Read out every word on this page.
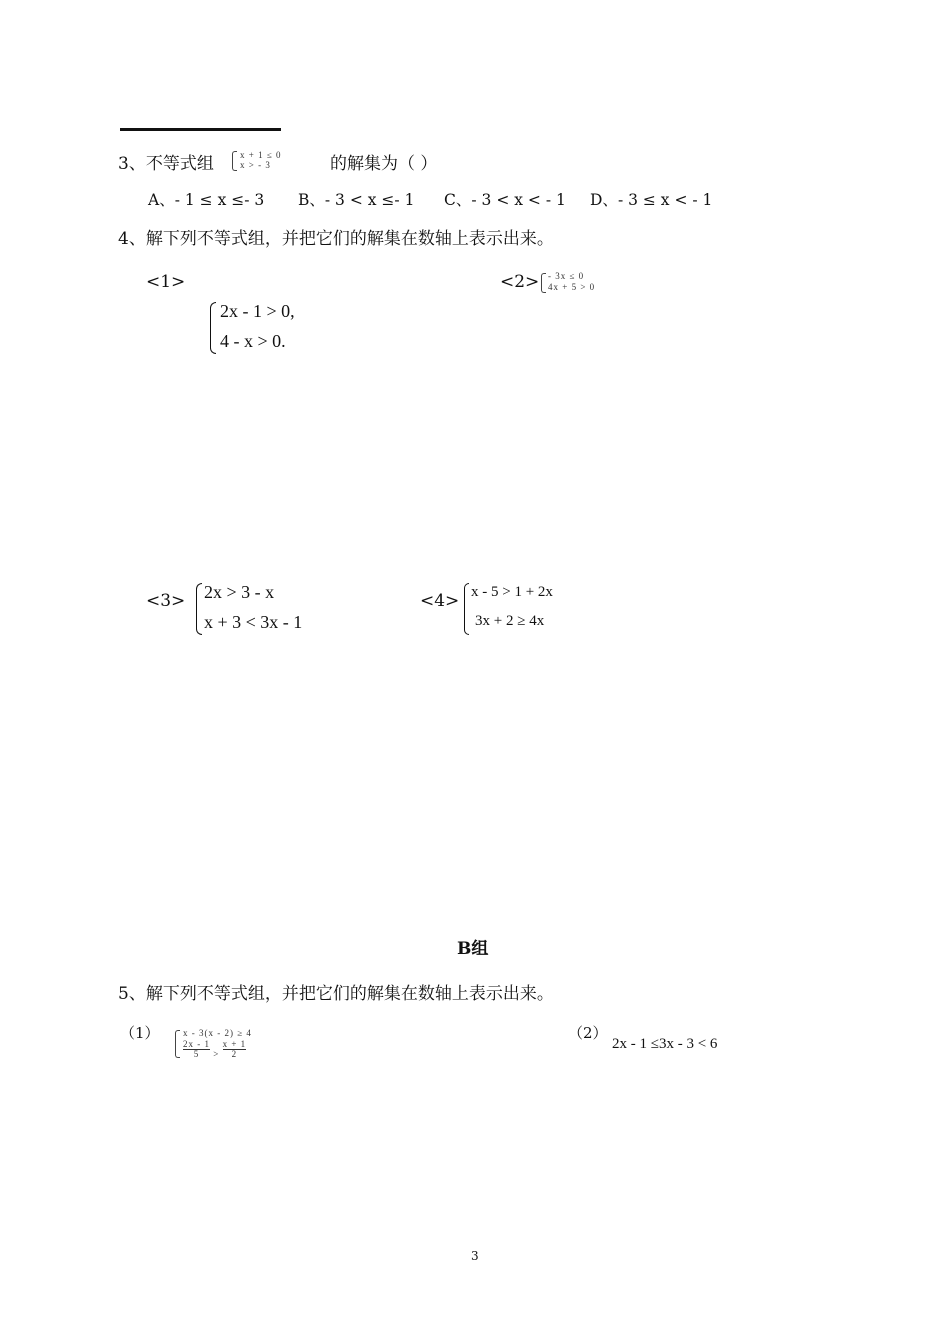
3、不等式组	x + 1 ≤ 0
x > - 3	的解集为（ ）
A、- 1 ≤ x ≤- 3 B、- 3 < x ≤- 1 C、- 3 < x < - 1 D、- 3 ≤ x < - 1
4、解下列不等式组，并把它们的解集在数轴上表示出来。
<1>
2x - 1 > 0,
4 - x > 0.
<2> - 3x ≤ 0
4x + 5 > 0
<3> 2x > 3 - x
x + 3 < 3x - 1
<4> x - 5 > 1 + 2x
3x + 2 ≥ 4x
B组
5、解下列不等式组，并把它们的解集在数轴上表示出来。
（1）	x - 3(x - 2) ≥ 4
$\frac{2x - 1}{5} > \frac{x + 1}{2}$
（2）
2x - 1 ≤3x - 3 < 6
3
